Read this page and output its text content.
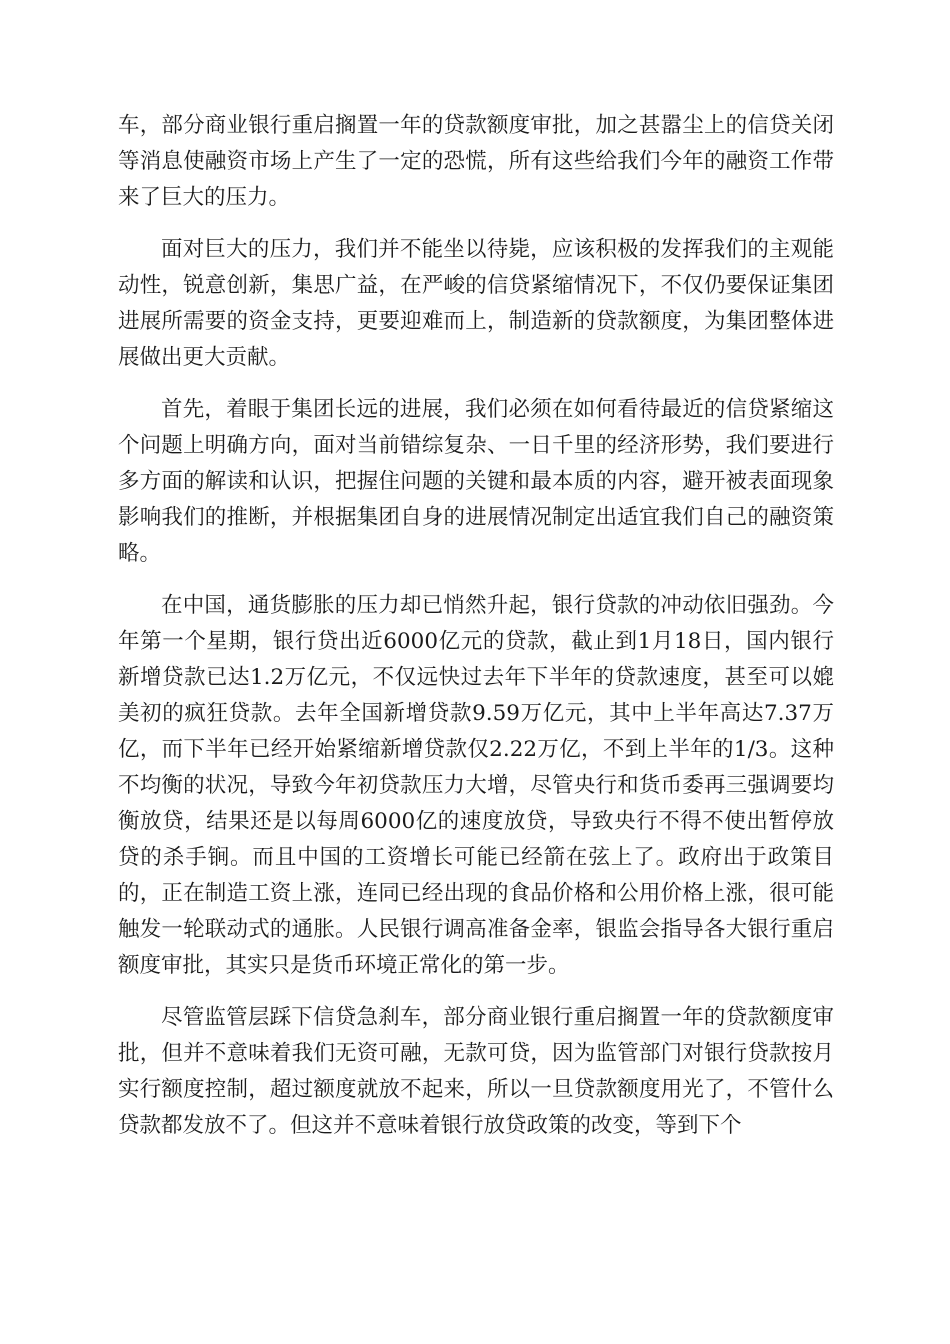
车，部分商业银行重启搁置一年的贷款额度审批，加之甚嚣尘上的信贷关闭等消息使融资市场上产生了一定的恐慌，所有这些给我们今年的融资工作带来了巨大的压力。

面对巨大的压力，我们并不能坐以待毙，应该积极的发挥我们的主观能动性，锐意创新，集思广益，在严峻的信贷紧缩情况下，不仅仍要保证集团进展所需要的资金支持，更要迎难而上，制造新的贷款额度，为集团整体进展做出更大贡献。

首先，着眼于集团长远的进展，我们必须在如何看待最近的信贷紧缩这个问题上明确方向，面对当前错综复杂、一日千里的经济形势，我们要进行多方面的解读和认识，把握住问题的关键和最本质的内容，避开被表面现象影响我们的推断，并根据集团自身的进展情况制定出适宜我们自己的融资策略。

在中国，通货膨胀的压力却已悄然升起，银行贷款的冲动依旧强劲。今年第一个星期，银行贷出近6000亿元的贷款，截止到1月18日，国内银行新增贷款已达1.2万亿元，不仅远快过去年下半年的贷款速度，甚至可以媲美初的疯狂贷款。去年全国新增贷款9.59万亿元，其中上半年高达7.37万亿，而下半年已经开始紧缩新增贷款仅2.22万亿，不到上半年的1/3。这种不均衡的状况，导致今年初贷款压力大增，尽管央行和货币委再三强调要均衡放贷，结果还是以每周6000亿的速度放贷，导致央行不得不使出暂停放贷的杀手锏。而且中国的工资增长可能已经箭在弦上了。政府出于政策目的，正在制造工资上涨，连同已经出现的食品价格和公用价格上涨，很可能触发一轮联动式的通胀。人民银行调高准备金率，银监会指导各大银行重启额度审批，其实只是货币环境正常化的第一步。

尽管监管层踩下信贷急刹车，部分商业银行重启搁置一年的贷款额度审批，但并不意味着我们无资可融，无款可贷，因为监管部门对银行贷款按月实行额度控制，超过额度就放不起来，所以一旦贷款额度用光了，不管什么贷款都发放不了。但这并不意味着银行放贷政策的改变，等到下个
